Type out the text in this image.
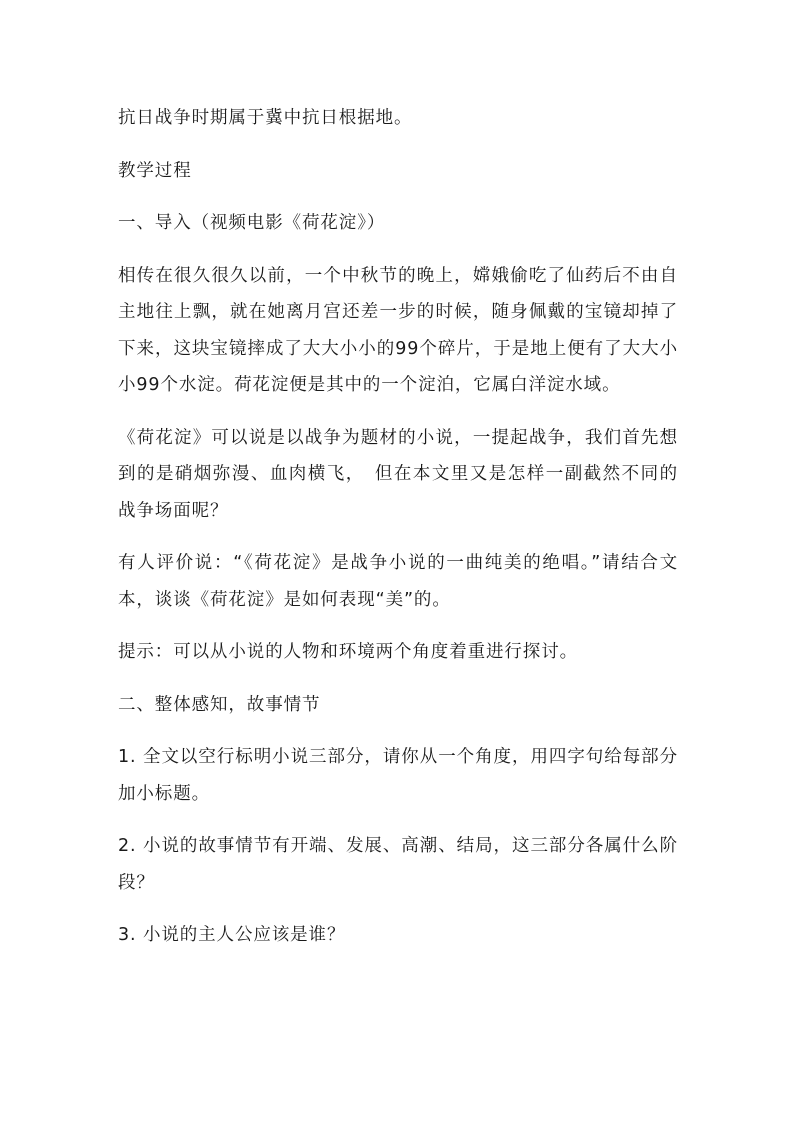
抗日战争时期属于冀中抗日根据地。

教学过程

一、导入（视频电影《荷花淀》）

相传在很久很久以前，一个中秋节的晚上，嫦娥偷吃了仙药后不由自主地往上飘，就在她离月宫还差一步的时候，随身佩戴的宝镜却掉了下来，这块宝镜摔成了大大小小的99个碎片，于是地上便有了大大小小99个水淀。荷花淀便是其中的一个淀泊，它属白洋淀水域。

《荷花淀》可以说是以战争为题材的小说，一提起战争，我们首先想到的是硝烟弥漫、血肉横飞，　但在本文里又是怎样一副截然不同的战争场面呢？

有人评价说：“《荷花淀》是战争小说的一曲纯美的绝唱。”请结合文本，谈谈《荷花淀》是如何表现“美”的。

提示：可以从小说的人物和环境两个角度着重进行探讨。

二、整体感知，故事情节

1. 全文以空行标明小说三部分，请你从一个角度，用四字句给每部分加小标题。

2. 小说的故事情节有开端、发展、高潮、结局，这三部分各属什么阶段？

3. 小说的主人公应该是谁？
